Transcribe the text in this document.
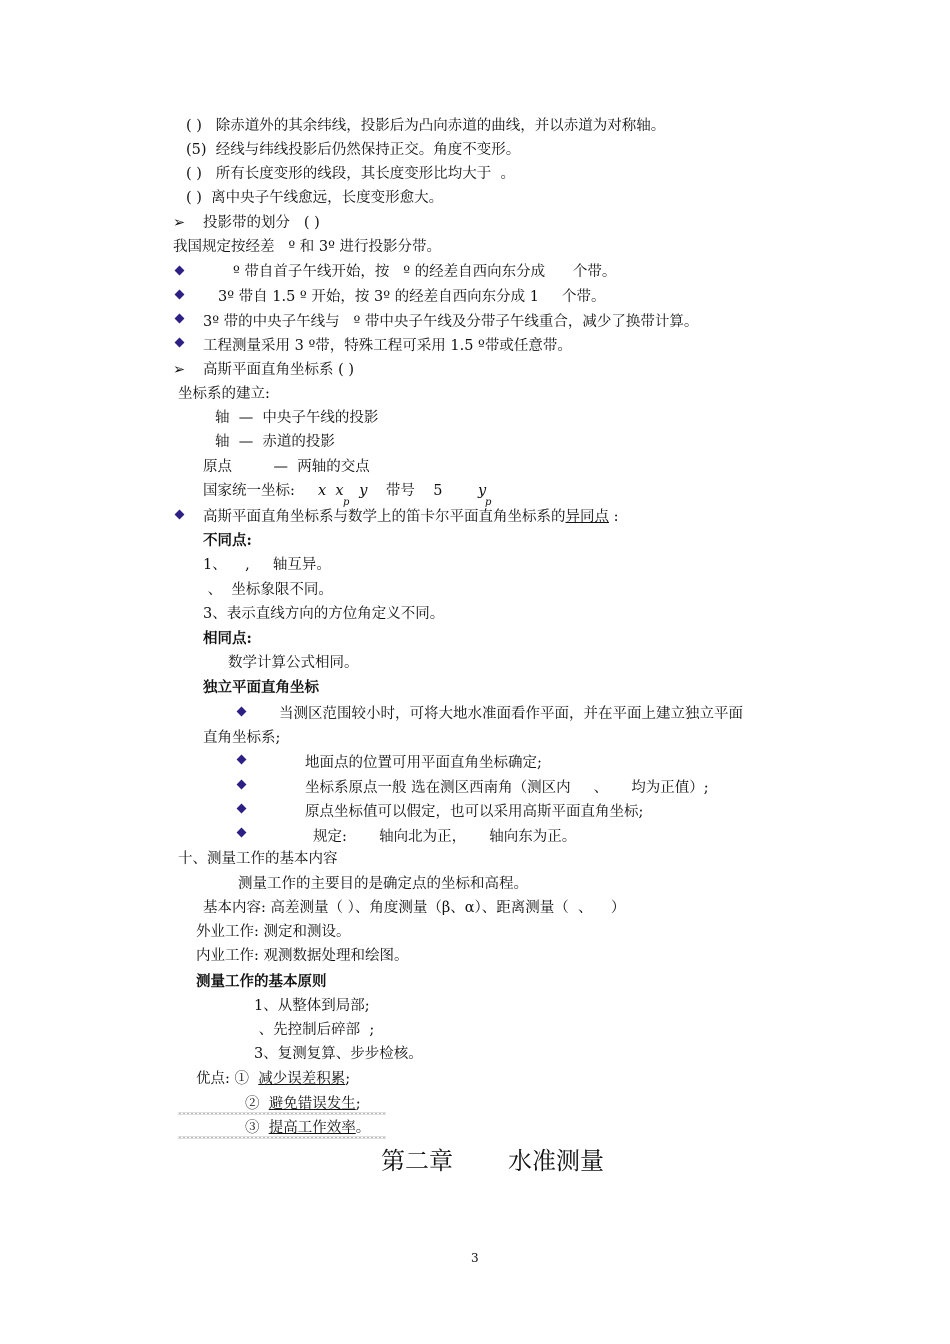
( )   除赤道外的其余纬线，投影后为凸向赤道的曲线，并以赤道为对称轴。
(5)  经线与纬线投影后仍然保持正交。角度不变形。
( )   所有长度变形的线段，其长度变形比均大于  。
( )  离中央子午线愈远，长度变形愈大。
➢ 投影带的划分   ( )
我国规定按经差   º 和 3º 进行投影分带。
º 带自首子午线开始，按   º 的经差自西向东分成      个带。
3º 带自 1.5 º 开始，按 3º 的经差自西向东分成 1     个带。
3º 带的中央子午线与   º 带中央子午线及分带子午线重合，减少了换带计算。
工程测量采用 3 º带，特殊工程可采用 1.5 º带或任意带。
➢ 高斯平面直角坐标系 ( )
坐标系的建立:
轴  —  中央子午线的投影
轴  —  赤道的投影
原点         —  两轴的交点
国家统一坐标: x  x
p
y 带号    5 y
p
高斯平面直角坐标系与数学上的笛卡尔平面直角坐标系的异同点 :
不同点:
1、    ,     轴互异。
、  坐标象限不同。
3、表示直线方向的方位角定义不同。
相同点:
数学计算公式相同。
独立平面直角坐标
当测区范围较小时，可将大地水准面看作平面，并在平面上建立独立平面
直角坐标系;
地面点的位置可用平面直角坐标确定;
坐标系原点一般 选在测区西南角（测区内     、     均为正值）;
原点坐标值可以假定，也可以采用高斯平面直角坐标;
规定:       轴向北为正，     轴向东为正。
十、测量工作的基本内容
测量工作的主要目的是确定点的坐标和高程。
基本内容: 高差测量（ ）、角度测量（β、α）、距离测量（  、    ）
外业工作: 测定和测设。
内业工作: 观测数据处理和绘图。
测量工作的基本原则
1、从整体到局部;
、先控制后碎部  ;
3、复测复算、步步检核。
优点: ①  减少误差积累;
②  避免错误发生;
③  提高工作效率。
第二章 水准测量
3
